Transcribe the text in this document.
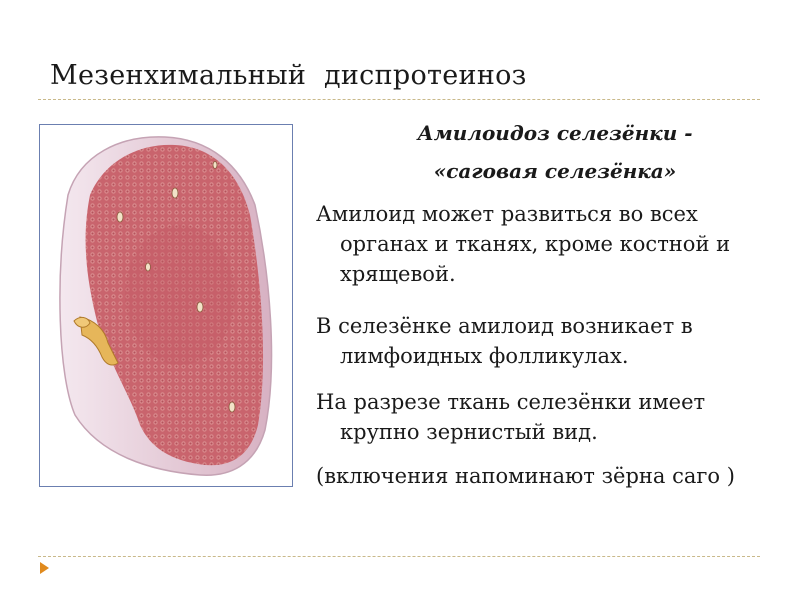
Мезенхимальный  диспротеиноз
Амилоидоз селезёнки -
«саговая селезёнка»
Амилоид может развиться во всех
органах и тканях, кроме костной и
хрящевой.
В селезёнке амилоид возникает в
лимфоидных фолликулах.
На разрезе ткань селезёнки имеет
крупно зернистый вид.
(включения напоминают зёрна саго )
